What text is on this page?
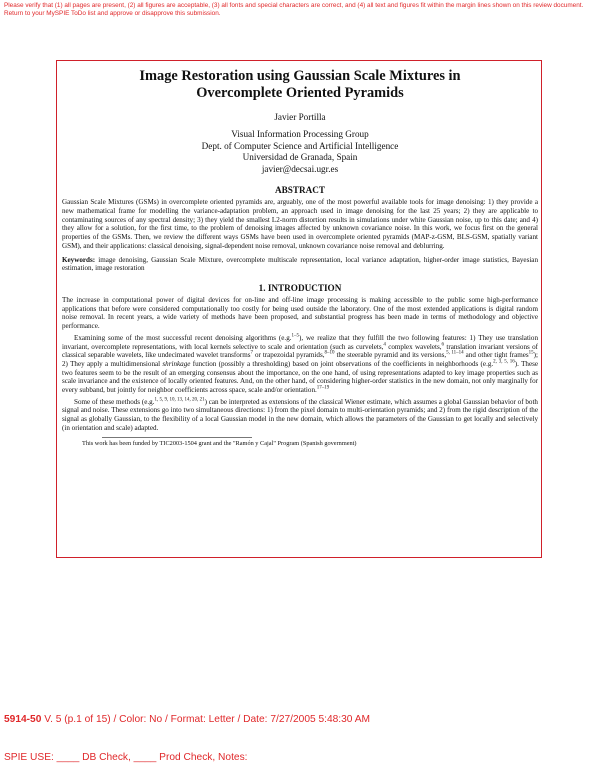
Please verify that (1) all pages are present, (2) all figures are acceptable, (3) all fonts and special characters are correct, and (4) all text and figures fit within the margin lines shown on this review document. Return to your MySPIE ToDo list and approve or disapprove this submission.
Image Restoration using Gaussian Scale Mixtures in
Overcomplete Oriented Pyramids
Javier Portilla
Visual Information Processing Group
Dept. of Computer Science and Artificial Intelligence
Universidad de Granada, Spain
javier@decsai.ugr.es
ABSTRACT

Gaussian Scale Mixtures (GSMs) in overcomplete oriented pyramids are, arguably, one of the most powerful available tools for image denoising: 1) they provide a new mathematical frame for modelling the variance-adaptation problem, an approach used in image denoising for the last 25 years; 2) they are applicable to contaminating sources of any spectral density; 3) they yield the smallest L2-norm distortion results in simulations under white Gaussian noise, up to this date; and 4) they allow for a solution, for the first time, to the problem of denoising images affected by unknown covariance noise. In this work, we focus first on the general properties of the GSMs. Then, we review the different ways GSMs have been used in overcomplete oriented pyramids (MAP-z-GSM, BLS-GSM, spatially variant GSM), and their applications: classical denoising, signal-dependent noise removal, unknown covariance noise removal and deblurring.

Keywords: image denoising, Gaussian Scale Mixture, overcomplete multiscale representation, local variance adaptation, higher-order image statistics, Bayesian estimation, image restoration

1. INTRODUCTION

The increase in computational power of digital devices for on-line and off-line image processing is making accessible to the public some high-performance applications that before were considered computationally too costly for being used outside the laboratory. One of the most extended applications is digital random noise removal. In recent years, a wide variety of methods have been proposed, and substantial progress has been made in terms of methodology and objective performance.

Examining some of the most successful recent denoising algorithms (e.g.$^{1-5}$), we realize that they fulfill the two following features: 1) They use translation invariant, overcomplete representations, with local kernels selective to scale and orientation (such as curvelets,$^4$ complex wavelets,$^6$ translation invariant versions of classical separable wavelets, like undecimated wavelet transforms$^7$ or trapezoidal pyramids,$^{8-10}$ the steerable pyramid and its versions,$^{5, 11-14}$ and other tight frames$^{15}$); 2) They apply a multidimensional shrinkage function (possibly a thresholding) based on joint observations of the coefficients in neighborhoods (e.g.$^{2, 3, 5, 16}$). These two features seem to be the result of an emerging consensus about the importance, on the one hand, of using representations adapted to key image properties such as scale invariance and the existence of locally oriented features. And, on the other hand, of considering higher-order statistics in the new domain, not only marginally for every subband, but jointly for neighbor coefficients across space, scale and/or orientation.$^{17-19}$

Some of these methods (e.g.$^{1, 5, 9, 10, 13, 14, 20, 21}$) can be interpreted as extensions of the classical Wiener estimate, which assumes a global Gaussian behavior of both signal and noise. These extensions go into two simultaneous directions: 1) from the pixel domain to multi-orientation pyramids; and 2) from the rigid description of the signal as globally Gaussian, to the flexibility of a local Gaussian model in the new domain, which allows the parameters of the Gaussian to get locally and selectively (in orientation and scale) adapted.

This work has been funded by TIC2003-1504 grant and the "Ramón y Cajal" Program (Spanish government)
5914-50 V. 5 (p.1 of 15) / Color: No / Format: Letter / Date: 7/27/2005 5:48:30 AM
SPIE USE: ____ DB Check, ____ Prod Check, Notes:
